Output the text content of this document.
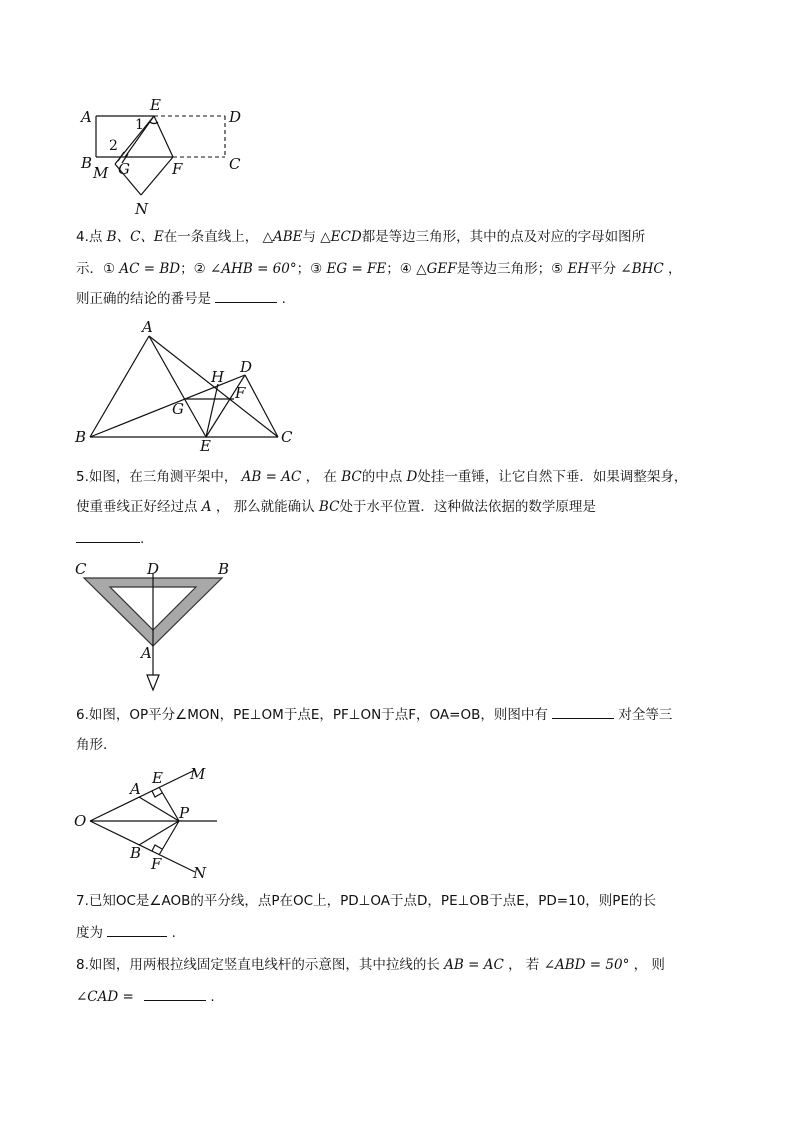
A
E
D
B	C
M G	F
N
1
2
4.点 B、C、E在一条直线上， △ABE与 △ECD都是等边三角形，其中的点及对应的字母如图所
示．① AC = BD；② ∠AHB = 60°；③ EG = FE；④ △GEF是等边三角形；⑤ EH平分 ∠BHC ，
则正确的结论的番号是	.
A
B	C
D
E
F
G
H
5.如图，在三角测平架中， AB = AC ， 在 BC的中点 D处挂一重锤，让它自然下垂．如果调整架身，
使重垂线正好经过点 A ， 那么就能确认 BC处于水平位置．这种做法依据的数学原理是
.
C	D	B
A
6.如图，OP平分∠MON，PE⊥OM于点E，PF⊥ON于点F，OA=OB，则图中有	对全等三
角形.
O
A
E M
P
B
F N
7.已知OC是∠AOB的平分线，点P在OC上，PD⊥OA于点D，PE⊥OB于点E，PD=10，则PE的长
度为	.
8.如图，用两根拉线固定竖直电线杆的示意图，其中拉线的长 AB = AC ， 若 ∠ABD = 50° ， 则
∠CAD =	.
